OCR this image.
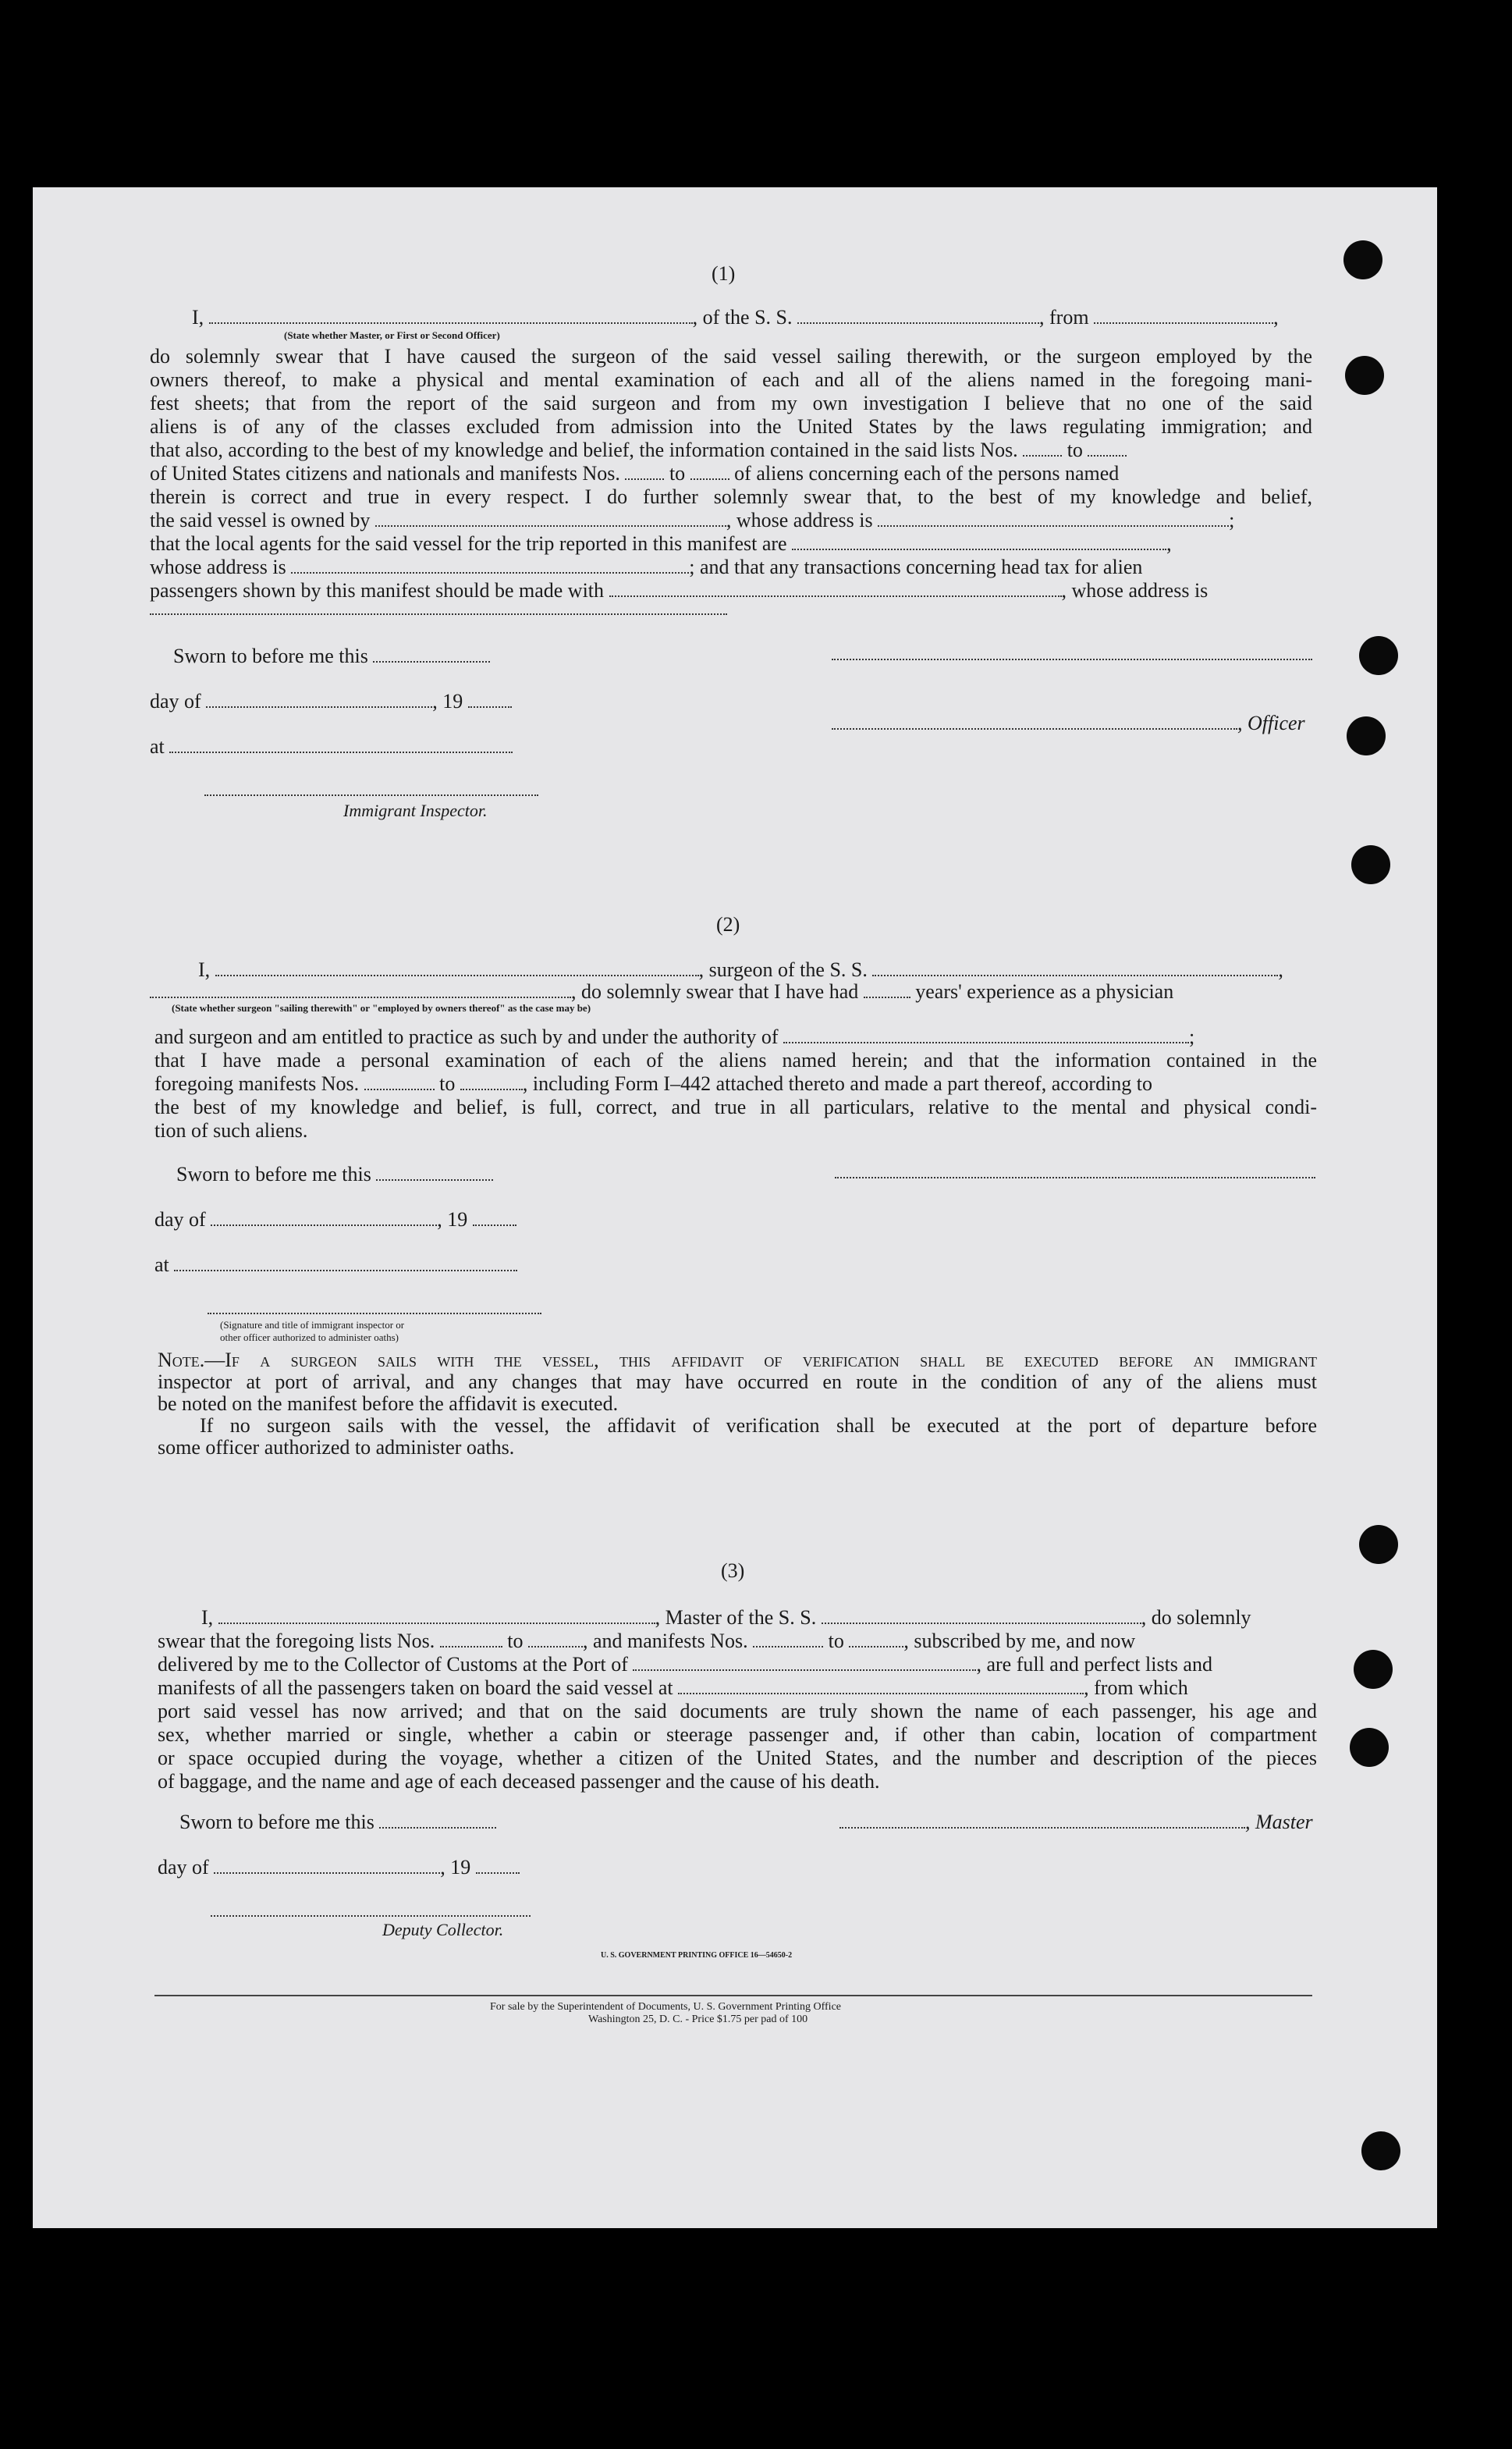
(1)
I,	, of the S. S.	, from	,
(State whether Master, or First or Second Officer)
do solemnly swear that I have caused the surgeon of the said vessel sailing therewith, or the surgeon employed by the
owners thereof, to make a physical and mental examination of each and all of the aliens named in the foregoing mani-
fest sheets; that from the report of the said surgeon and from my own investigation I believe that no one of the said
aliens is of any of the classes excluded from admission into the United States by the laws regulating immigration; and
that also, according to the best of my knowledge and belief, the information contained in the said lists Nos. to
of United States citizens and nationals and manifests Nos. to of aliens concerning each of the persons named
therein is correct and true in every respect. I do further solemnly swear that, to the best of my knowledge and belief,
the said vessel is owned by	, whose address is	;
that the local agents for the said vessel for the trip reported in this manifest are	,
whose address is	; and that any transactions concerning head tax for alien
passengers shown by this manifest should be made with	, whose address is
Sworn to before me this
day of	, 19
, Officer
at
Immigrant Inspector.
(2)
I,	, surgeon of the S. S.	,
, do solemnly swear that I have had	years' experience as a physician
(State whether surgeon "sailing therewith" or "employed by owners thereof" as the case may be)
and surgeon and am entitled to practice as such by and under the authority of	;
that I have made a personal examination of each of the aliens named herein; and that the information contained in the
foregoing manifests Nos.	to	, including Form I–442 attached thereto and made a part thereof, according to
the best of my knowledge and belief, is full, correct, and true in all particulars, relative to the mental and physical condi-
tion of such aliens.
Sworn to before me this
day of	, 19
at
(Signature and title of immigrant inspector or
other officer authorized to administer oaths)
Note.—If a surgeon sails with the vessel, this affidavit of verification shall be executed before an immigrant
inspector at port of arrival, and any changes that may have occurred en route in the condition of any of the aliens must
be noted on the manifest before the affidavit is executed.
If no surgeon sails with the vessel, the affidavit of verification shall be executed at the port of departure before
some officer authorized to administer oaths.
(3)
I,	, Master of the S. S.	, do solemnly
swear that the foregoing lists Nos.	to	, and manifests Nos.	to	, subscribed by me, and now
delivered by me to the Collector of Customs at the Port of	, are full and perfect lists and
manifests of all the passengers taken on board the said vessel at	, from which
port said vessel has now arrived; and that on the said documents are truly shown the name of each passenger, his age and
sex, whether married or single, whether a cabin or steerage passenger and, if other than cabin, location of compartment
or space occupied during the voyage, whether a citizen of the United States, and the number and description of the pieces
of baggage, and the name and age of each deceased passenger and the cause of his death.
Sworn to before me this	, Master
day of	, 19
Deputy Collector.
U. S. GOVERNMENT PRINTING OFFICE 16—54650-2
For sale by the Superintendent of Documents, U. S. Government Printing Office
Washington 25, D. C. - Price $1.75 per pad of 100
